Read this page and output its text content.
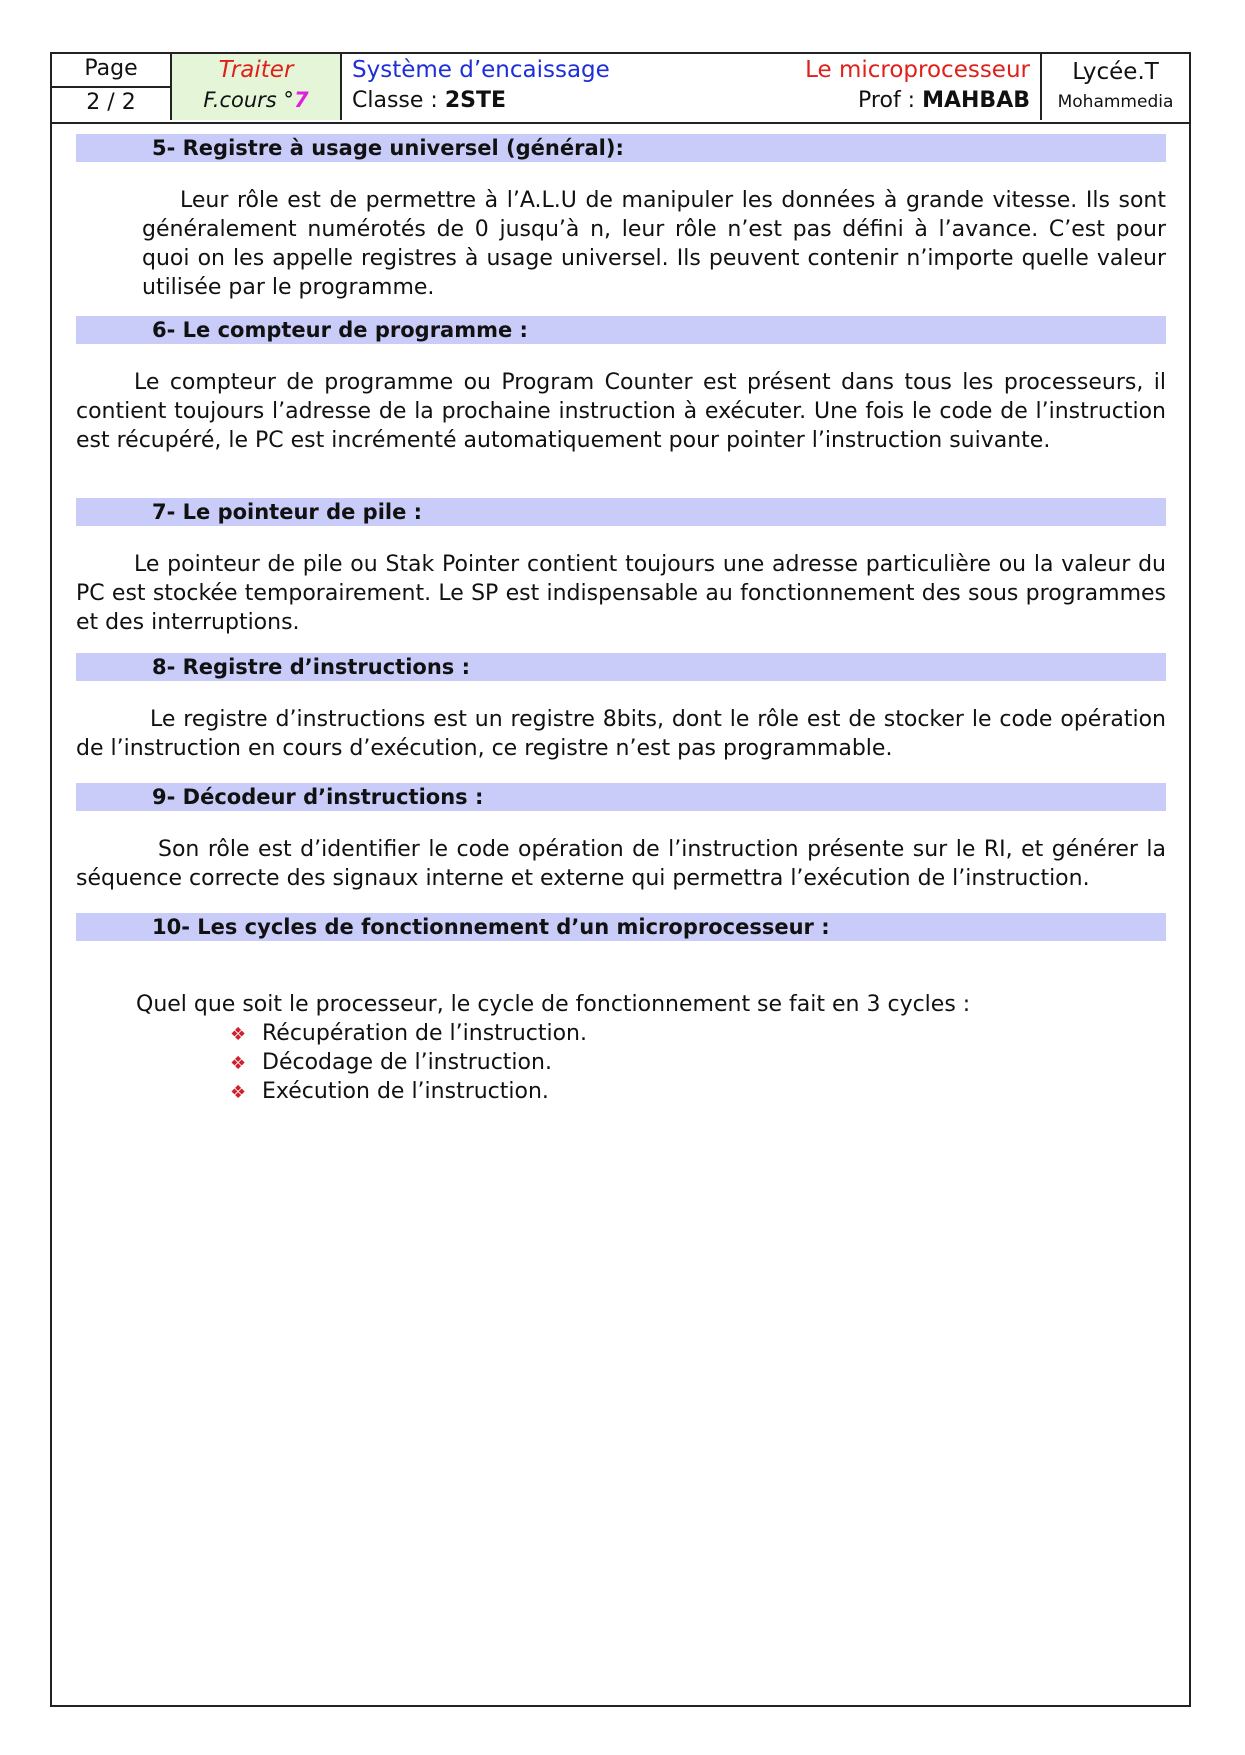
Page
2 / 2
Traiter
F.cours °7
Système d’encaissage
Classe : 2STE
Le microprocesseur
Prof : MAHBAB
Lycée.T
Mohammedia
5- Registre à usage universel (général):

Leur rôle est de permettre à l’A.L.U de manipuler les données à grande vitesse. Ils sont généralement numérotés de 0 jusqu’à n, leur rôle n’est pas défini à l’avance. C’est pour quoi on les appelle registres à usage universel. Ils peuvent contenir n’importe quelle valeur utilisée par le programme.

6- Le compteur de programme :

Le compteur de programme ou Program Counter est présent dans tous les processeurs, il contient toujours l’adresse de la prochaine instruction à exécuter. Une fois le code de l’instruction est récupéré, le PC est incrémenté automatiquement pour pointer l’instruction suivante.

7- Le pointeur de pile :

Le pointeur de pile ou Stak Pointer contient toujours une adresse particulière ou la valeur du PC est stockée temporairement. Le SP est indispensable au fonctionnement des sous programmes et des interruptions.

8- Registre d’instructions :

Le registre d’instructions est un registre 8bits, dont le rôle est de stocker le code opération de l’instruction en cours d’exécution, ce registre n’est pas programmable.

9- Décodeur d’instructions :

Son rôle est d’identifier le code opération de l’instruction présente sur le RI, et générer la séquence correcte des signaux interne et externe qui permettra l’exécution de l’instruction.

10- Les cycles de fonctionnement d’un microprocesseur :

Quel que soit le processeur, le cycle de fonctionnement se fait en 3 cycles :

❖ Récupération de l’instruction.
❖ Décodage de l’instruction.
❖ Exécution de l’instruction.
